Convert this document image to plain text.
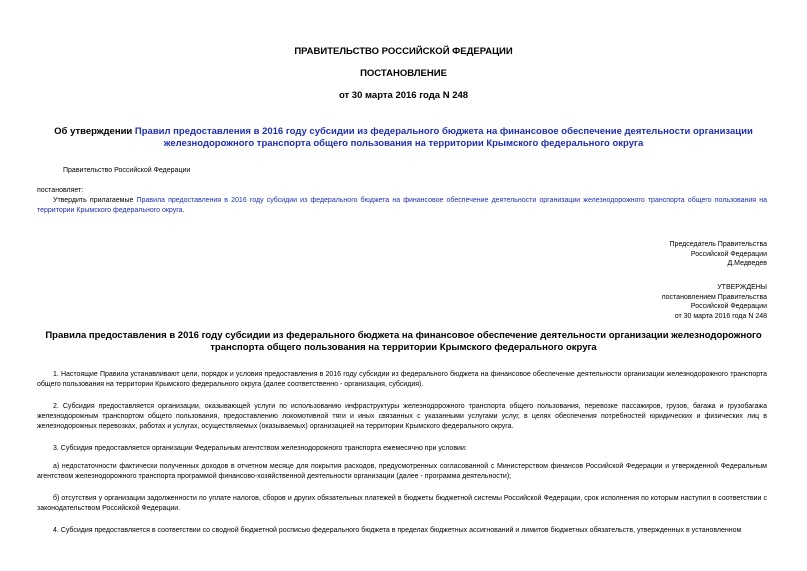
ПРАВИТЕЛЬСТВО РОССИЙСКОЙ ФЕДЕРАЦИИ
ПОСТАНОВЛЕНИЕ
от 30 марта 2016 года N 248
Об утверждении Правил предоставления в 2016 году субсидии из федерального бюджета на финансовое обеспечение деятельности организации железнодорожного транспорта общего пользования на территории Крымского федерального округа
Правительство Российской Федерации
постановляет:
Утвердить прилагаемые Правила предоставления в 2016 году субсидии из федерального бюджета на финансовое обеспечение деятельности организации железнодорожного транспорта общего пользования на территории Крымского федерального округа.
Председатель Правительства
Российской Федерации
Д.Медведев
УТВЕРЖДЕНЫ
постановлением Правительства
Российской Федерации
от 30 марта 2016 года N 248
Правила предоставления в 2016 году субсидии из федерального бюджета на финансовое обеспечение деятельности организации железнодорожного транспорта общего пользования на территории Крымского федерального округа
1. Настоящие Правила устанавливают цели, порядок и условия предоставления в 2016 году субсидии из федерального бюджета на финансовое обеспечение деятельности организации железнодорожного транспорта общего пользования на территории Крымского федерального округа (далее соответственно - организация, субсидия).
2. Субсидия предоставляется организации, оказывающей услуги по использованию инфраструктуры железнодорожного транспорта общего пользования, перевозке пассажиров, грузов, багажа и грузобагажа железнодорожным транспортом общего пользования, предоставлению локомотивной тяги и иных связанных с указанными услугами услуг, в целях обеспечения потребностей юридических и физических лиц в железнодорожных перевозках, работах и услугах, осуществляемых (оказываемых) организацией на территории Крымского федерального округа.
3. Субсидия предоставляется организации Федеральным агентством железнодорожного транспорта ежемесячно при условии:
а) недостаточности фактически полученных доходов в отчетном месяце для покрытия расходов, предусмотренных согласованной с Министерством финансов Российской Федерации и утвержденной Федеральным агентством железнодорожного транспорта программой финансово-хозяйственной деятельности организации (далее - программа деятельности);
б) отсутствия у организации задолженности по уплате налогов, сборов и других обязательных платежей в бюджеты бюджетной системы Российской Федерации, срок исполнения по которым наступил в соответствии с законодательством Российской Федерации.
4. Субсидия предоставляется в соответствии со сводной бюджетной росписью федерального бюджета в пределах бюджетных ассигнований и лимитов бюджетных обязательств, утвержденных в установленном
